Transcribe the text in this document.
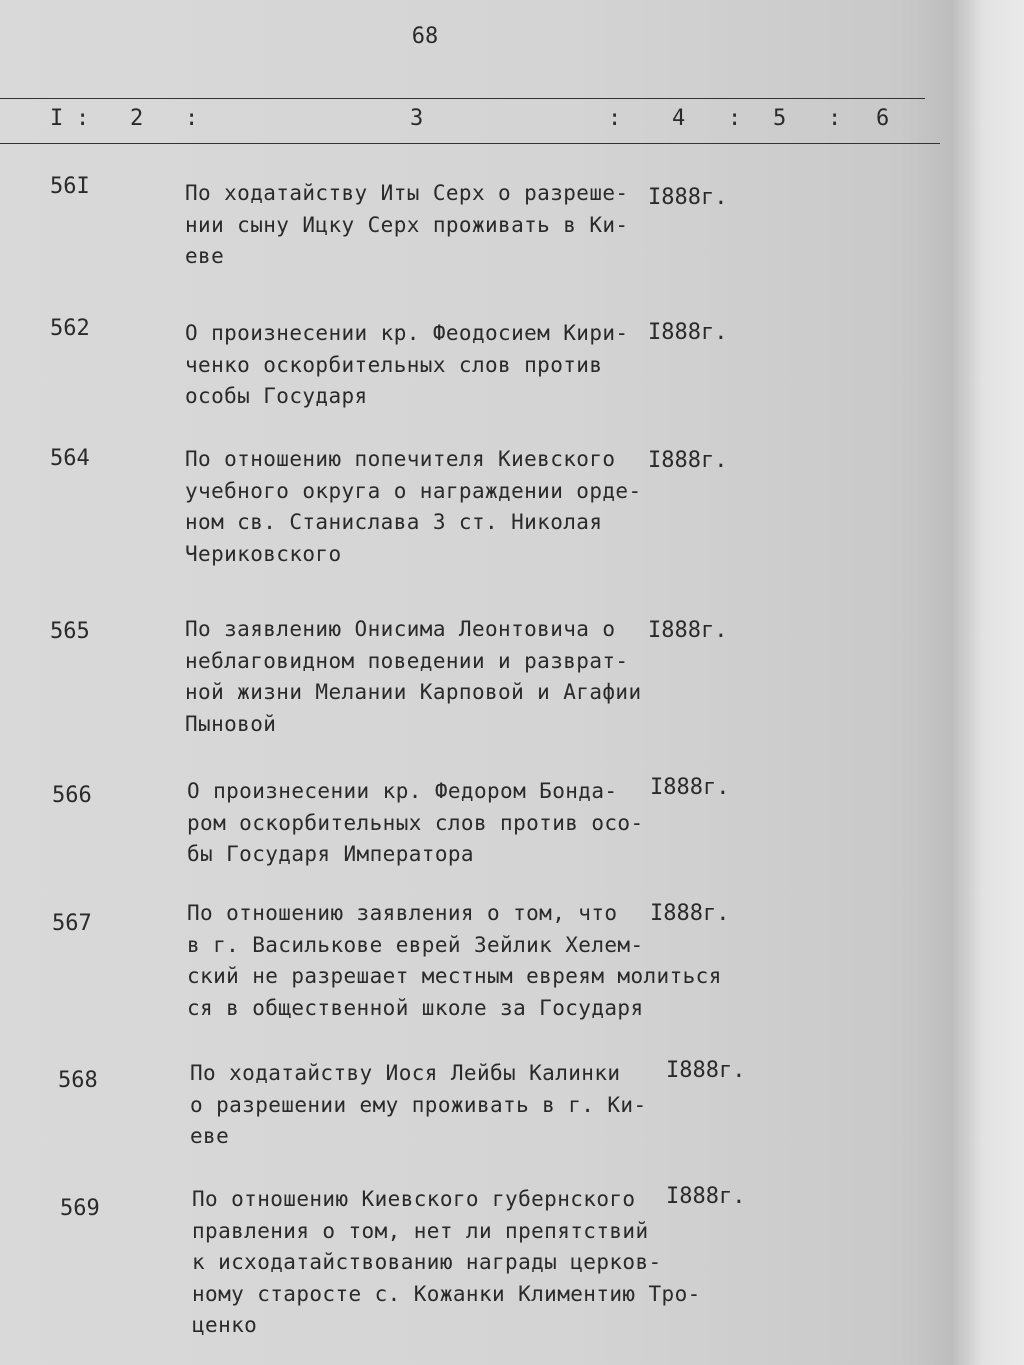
68
I : 2 :	3	: 4 : 5 : 6
56I	По ходатайству Иты Серх о разреше-
нии сыну Ицку Серх проживать в Ки-
еве
I888г.
562	О произнесении кр. Феодосием Кири-
ченко оскорбительных слов против
особы Государя
I888г.
564	По отношению попечителя Киевского
учебного округа о награждении орде-
ном св. Станислава 3 ст. Николая
Чериковского
I888г.
565	По заявлению Онисима Леонтовича о
неблаговидном поведении и разврат-
ной жизни Мелании Карповой и Агафии
Пыновой
I888г.
566	О произнесении кр. Федором Бонда-
ром оскорбительных слов против осо-
бы Государя Императора
I888г.
567	По отношению заявления о том, что
в г. Василькове еврей Зейлик Хелем-
ский не разрешает местным евреям молиться
ся в общественной школе за Государя
I888г.
568	По ходатайству Иося Лейбы Калинки
о разрешении ему проживать в г. Ки-
еве
I888г.
569	По отношению Киевского губернского
правления о том, нет ли препятствий
к исходатайствованию награды церков-
ному старосте с. Кожанки Климентию Тро-
ценко
I888г.
